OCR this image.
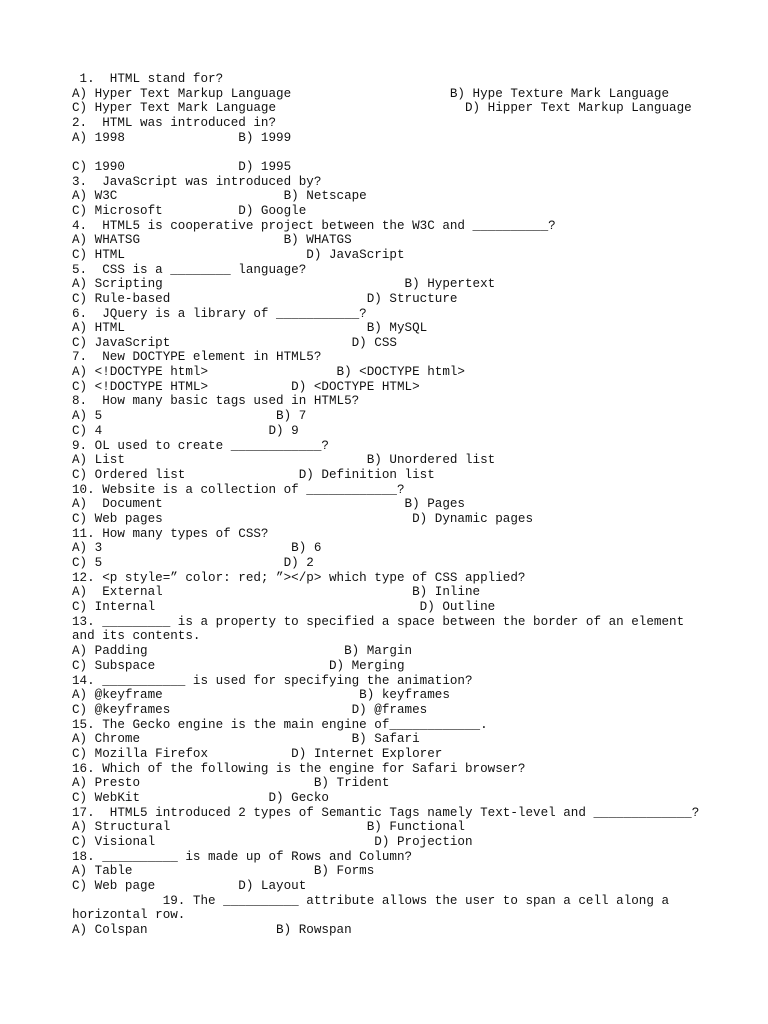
1.  HTML stand for?

A) Hyper Text Markup Language                     B) Hype Texture Mark Language

C) Hyper Text Mark Language                         D) Hipper Text Markup Language

2.  HTML was introduced in?

A) 1998               B) 1999

C) 1990               D) 1995

3.  JavaScript was introduced by?

A) W3C                      B) Netscape

C) Microsoft          D) Google

4.  HTML5 is cooperative project between the W3C and __________?

A) WHATSG                   B) WHATGS

C) HTML                        D) JavaScript

5.  CSS is a ________ language?

A) Scripting                                B) Hypertext

C) Rule-based                          D) Structure

6.  JQuery is a library of ___________?

A) HTML                                B) MySQL

C) JavaScript                        D) CSS

7.  New DOCTYPE element in HTML5?

A) <!DOCTYPE html>                 B) <DOCTYPE html>

C) <!DOCTYPE HTML>           D) <DOCTYPE HTML>

8.  How many basic tags used in HTML5?

A) 5                       B) 7

C) 4                      D) 9

9. OL used to create ____________?

A) List                                B) Unordered list

C) Ordered list               D) Definition list

10. Website is a collection of ____________?

A)  Document                                B) Pages

C) Web pages                                 D) Dynamic pages

11. How many types of CSS?

A) 3                         B) 6

C) 5                        D) 2

12. <p style=” color: red; ”></p> which type of CSS applied?

A)  External                                 B) Inline

C) Internal                                   D) Outline

13. _________ is a property to specified a space between the border of an element

and its contents.

A) Padding                          B) Margin

C) Subspace                       D) Merging

14. ___________ is used for specifying the animation?

A) @keyframe                          B) keyframes

C) @keyframes                        D) @frames

15. The Gecko engine is the main engine of____________.

A) Chrome                            B) Safari

C) Mozilla Firefox           D) Internet Explorer

16. Which of the following is the engine for Safari browser?

A) Presto                       B) Trident

C) WebKit                 D) Gecko

17.  HTML5 introduced 2 types of Semantic Tags namely Text-level and _____________?

A) Structural                          B) Functional

C) Visional                             D) Projection

18. __________ is made up of Rows and Column?

A) Table                        B) Forms

C) Web page           D) Layout

19. The __________ attribute allows the user to span a cell along a

horizontal row.

A) Colspan                 B) Rowspan
